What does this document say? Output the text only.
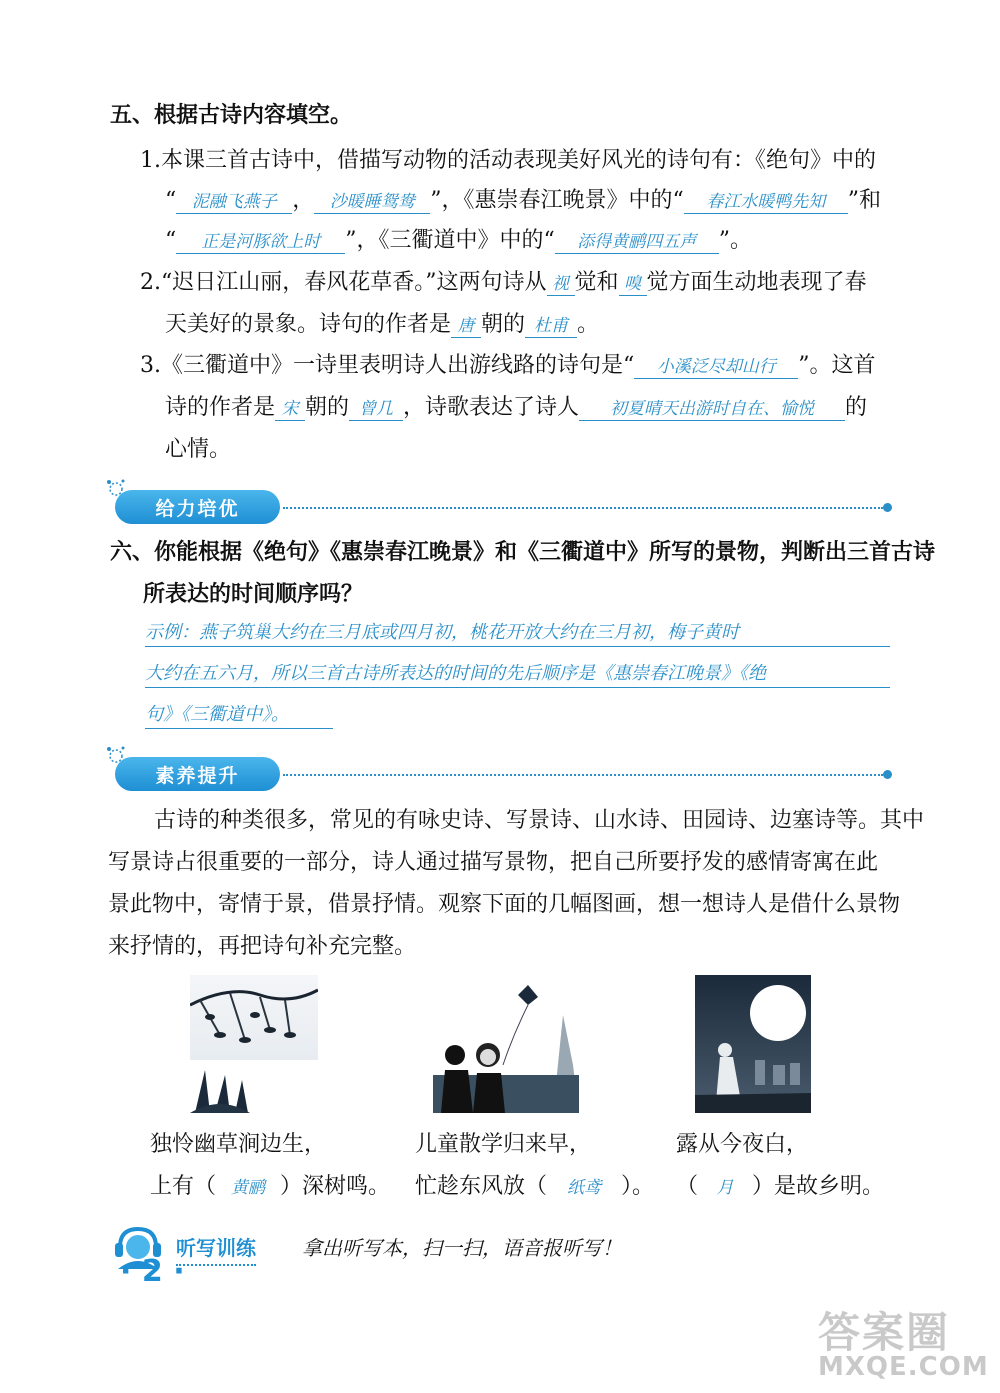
五、根据古诗内容填空。
1.本课三首古诗中，借描写动物的活动表现美好风光的诗句有：《绝句》中的
“ 泥融飞燕子 ， 沙暖睡鸳鸯 ”，《惠崇春江晚景》中的“ 春江水暖鸭先知 ”和
“ 正是河豚欲上时 ”，《三衢道中》中的“ 添得黄鹂四五声 ”。
2.“迟日江山丽，春风花草香。”这两句诗从 视 觉和 嗅 觉方面生动地表现了春
天美好的景象。诗句的作者是 唐 朝的 杜甫 。
3.《三衢道中》一诗里表明诗人出游线路的诗句是“ 小溪泛尽却山行 ”。这首
诗的作者是 宋 朝的 曾几 ，诗歌表达了诗人 初夏晴天出游时自在、愉悦 的
心情。
给力培优
六、你能根据《绝句》《惠崇春江晚景》和《三衢道中》所写的景物，判断出三首古诗
所表达的时间顺序吗？
示例：燕子筑巢大约在三月底或四月初，桃花开放大约在三月初，梅子黄时
大约在五六月，所以三首古诗所表达的时间的先后顺序是《惠崇春江晚景》《绝
句》《三衢道中》。
素养提升
古诗的种类很多，常见的有咏史诗、写景诗、山水诗、田园诗、边塞诗等。其中
写景诗占很重要的一部分，诗人通过描写景物，把自己所要抒发的感情寄寓在此
景此物中，寄情于景，借景抒情。观察下面的几幅图画，想一想诗人是借什么景物
来抒情的，再把诗句补充完整。
独怜幽草涧边生，
上有（ 黄鹂 ）深树鸣。
儿童散学归来早，
忙趁东风放（ 纸鸢 ）。
露从今夜白，
（ 月 ）是故乡明。
听写训练 拿出听写本，扫一扫，语音报听写！
· 2 ·
答案圈
MXQE.COM
